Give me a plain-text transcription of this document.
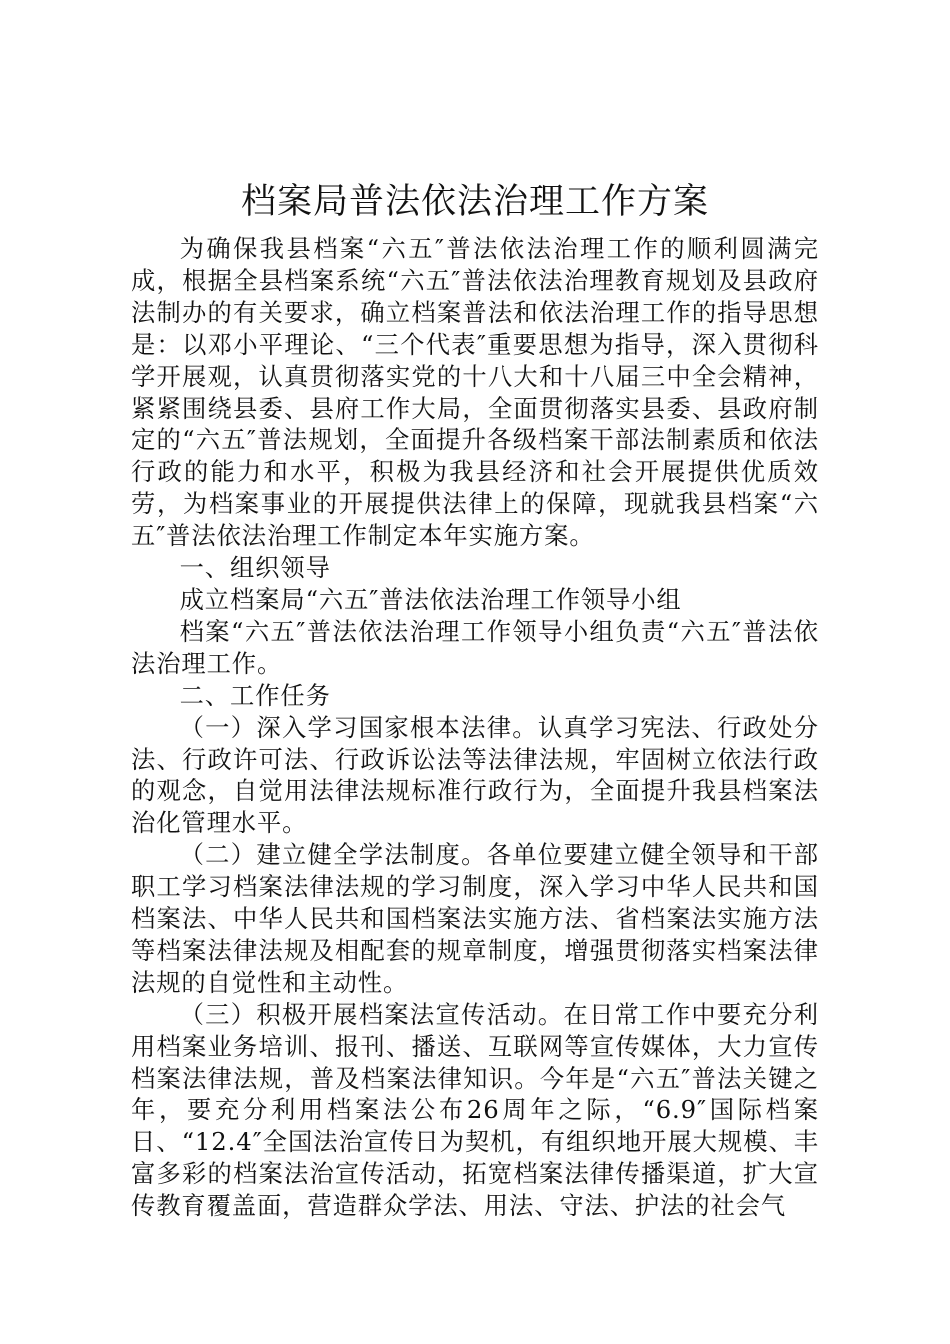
档案局普法依法治理工作方案

为确保我县档案“六五″普法依法治理工作的顺利圆满完成，根据全县档案系统“六五″普法依法治理教育规划及县政府法制办的有关要求，确立档案普法和依法治理工作的指导思想是：以邓小平理论、“三个代表″重要思想为指导，深入贯彻科学开展观，认真贯彻落实党的十八大和十八届三中全会精神，紧紧围绕县委、县府工作大局，全面贯彻落实县委、县政府制定的“六五″普法规划，全面提升各级档案干部法制素质和依法行政的能力和水平，积极为我县经济和社会开展提供优质效劳，为档案事业的开展提供法律上的保障，现就我县档案“六五″普法依法治理工作制定本年实施方案。

一、组织领导

成立档案局“六五″普法依法治理工作领导小组

档案“六五″普法依法治理工作领导小组负责“六五″普法依法治理工作。

二、工作任务

（一）深入学习国家根本法律。认真学习宪法、行政处分法、行政许可法、行政诉讼法等法律法规，牢固树立依法行政的观念，自觉用法律法规标准行政行为，全面提升我县档案法治化管理水平。

（二）建立健全学法制度。各单位要建立健全领导和干部职工学习档案法律法规的学习制度，深入学习中华人民共和国档案法、中华人民共和国档案法实施方法、省档案法实施方法等档案法律法规及相配套的规章制度，增强贯彻落实档案法律法规的自觉性和主动性。

（三）积极开展档案法宣传活动。在日常工作中要充分利用档案业务培训、报刊、播送、互联网等宣传媒体，大力宣传档案法律法规，普及档案法律知识。今年是“六五″普法关键之年，要充分利用档案法公布26周年之际，“6.9″国际档案日、“12.4″全国法治宣传日为契机，有组织地开展大规模、丰富多彩的档案法治宣传活动，拓宽档案法律传播渠道，扩大宣传教育覆盖面，营造群众学法、用法、守法、护法的社会气
